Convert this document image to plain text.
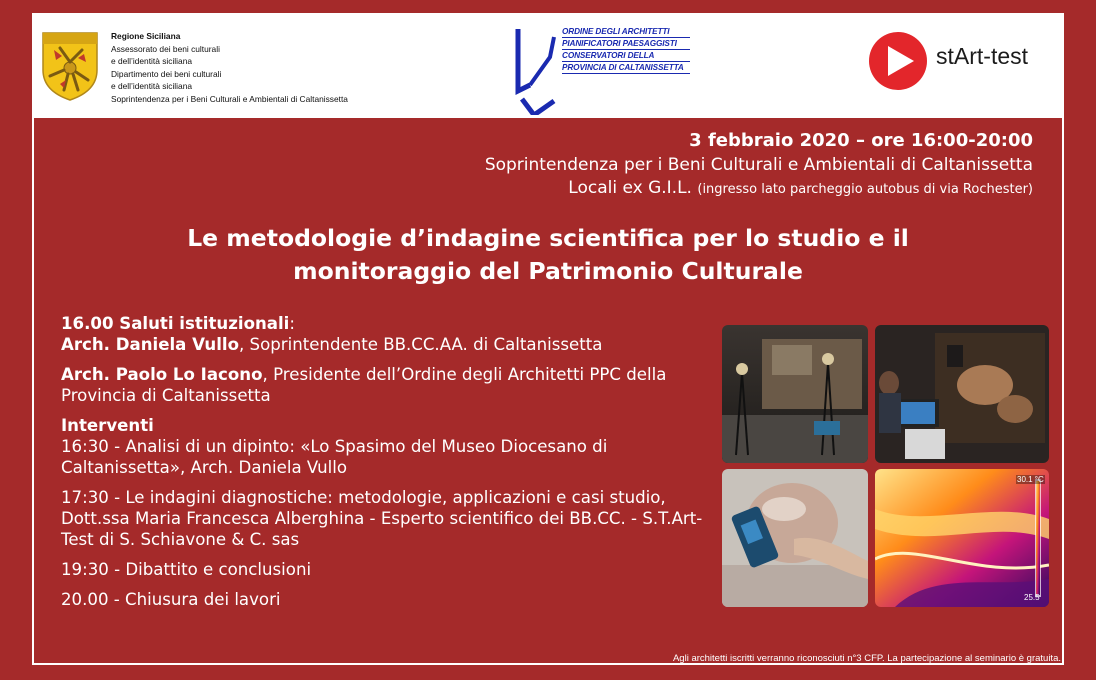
Regione Siciliana
Assessorato dei beni culturali
e dell’identità siciliana
Dipartimento dei beni culturali
e dell’identità siciliana
Soprintendenza per i Beni Culturali e Ambientali di Caltanissetta
ORDINE DEGLI ARCHITETTI
PIANIFICATORI PAESAGGISTI
CONSERVATORI DELLA
PROVINCIA DI CALTANISSETTA	stArt-test
3 febbraio 2020 – ore 16:00-20:00
Soprintendenza per i Beni Culturali e Ambientali di Caltanissetta
Locali ex G.I.L. (ingresso lato parcheggio autobus di via Rochester)
Le metodologie d’indagine scientifica per lo studio e il
monitoraggio del Patrimonio Culturale

16.00 Saluti istituzionali:

Arch. Daniela Vullo, Soprintendente BB.CC.AA. di Caltanissetta

Arch. Paolo Lo Iacono, Presidente dell’Ordine degli Architetti PPC della Provincia di Caltanissetta

Interventi

16:30 - Analisi di un dipinto: «Lo Spasimo del Museo Diocesano di Caltanissetta», Arch. Daniela Vullo

17:30 - Le indagini diagnostiche: metodologie, applicazioni e casi studio, Dott.ssa Maria Francesca Alberghina - Esperto scientifico dei BB.CC. - S.T.Art-Test di S. Schiavone & C. sas

19:30 - Dibattito e conclusioni

20.00 - Chiusura dei lavori

30.1 °C
25.5
Agli architetti iscritti verranno riconosciuti n°3 CFP. La partecipazione al seminario è gratuita.
